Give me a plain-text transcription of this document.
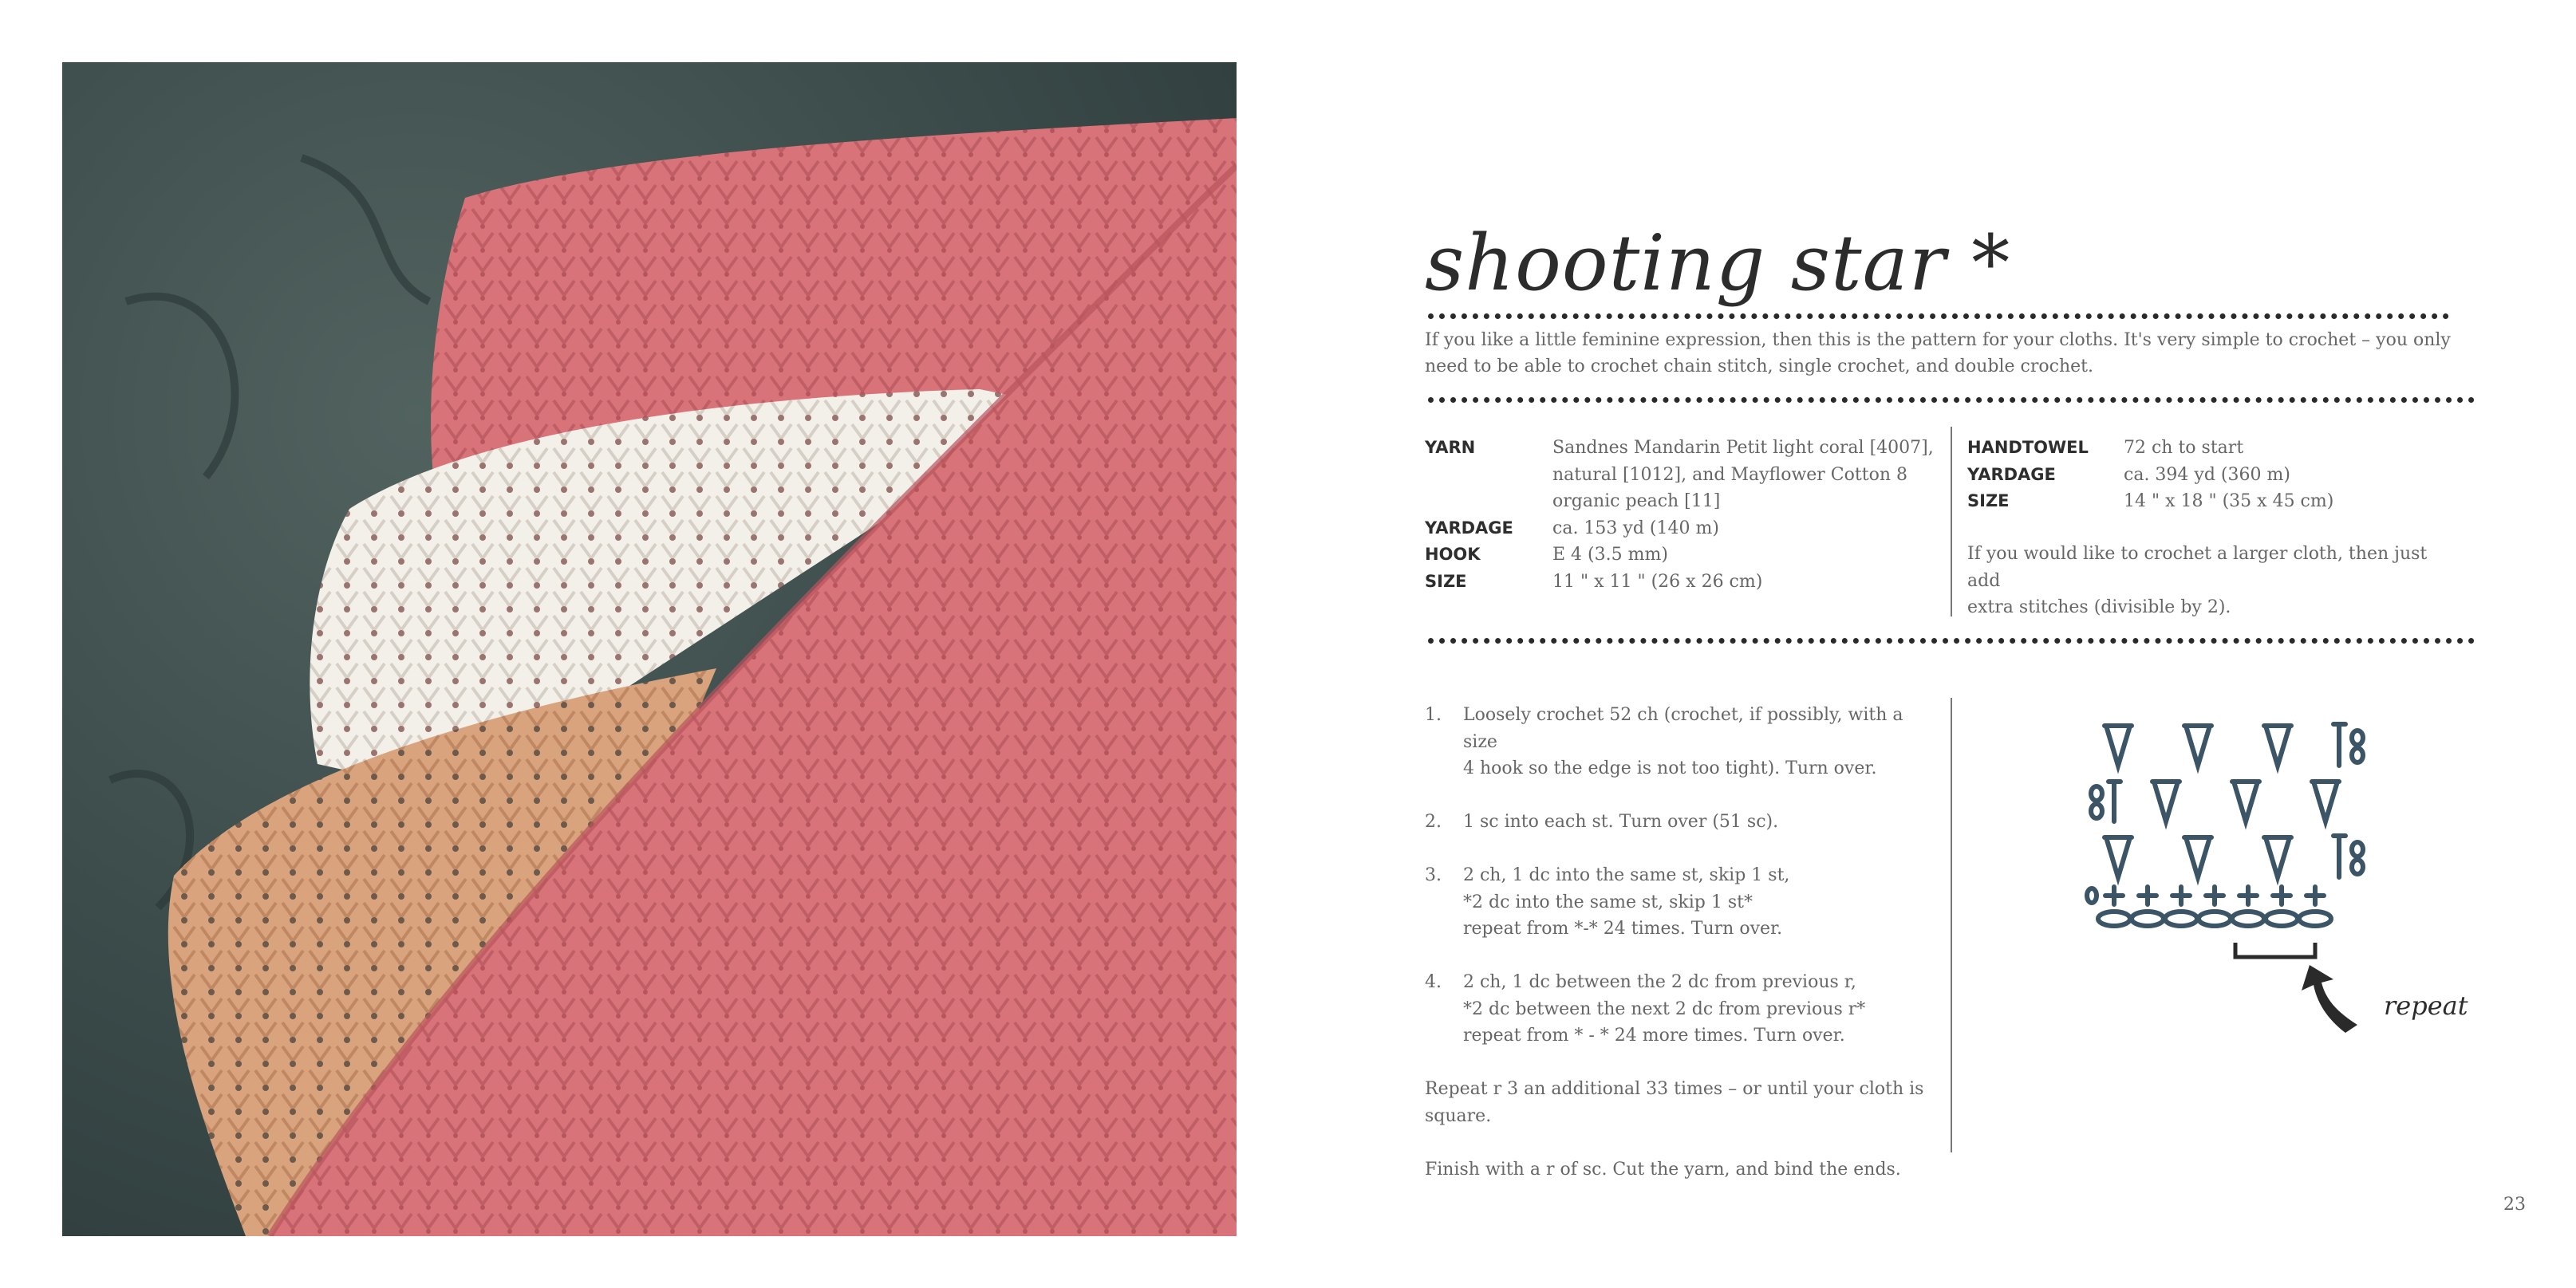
shooting star *
If you like a little feminine expression, then this is the pattern for your cloths. It's very simple to crochet – you only need to be able to crochet chain stitch, single crochet, and double crochet.
YARN	Sandnes Mandarin Petit light coral [4007],
natural [1012], and Mayflower Cotton 8
organic peach [11]
YARDAGE	ca. 153 yd (140 m)
HOOK	E 4 (3.5 mm)
SIZE	11 " x 11 " (26 x 26 cm)
HANDTOWEL	72 ch to start
YARDAGE	ca. 394 yd (360 m)
SIZE	14 " x 18 " (35 x 45 cm)
If you would like to crochet a larger cloth, then just add
extra stitches (divisible by 2).
1.	Loosely crochet 52 ch (crochet, if possibly, with a size
4 hook so the edge is not too tight). Turn over.
2.	1 sc into each st. Turn over (51 sc).
3.	2 ch, 1 dc into the same st, skip 1 st,
*2 dc into the same st, skip 1 st*
repeat from *-* 24 times. Turn over.
4.	2 ch, 1 dc between the 2 dc from previous r,
*2 dc between the next 2 dc from previous r*
repeat from * - * 24 more times. Turn over.
Repeat r 3 an additional 33 times – or until your cloth is
square.
Finish with a r of sc. Cut the yarn, and bind the ends.
repeat
23
